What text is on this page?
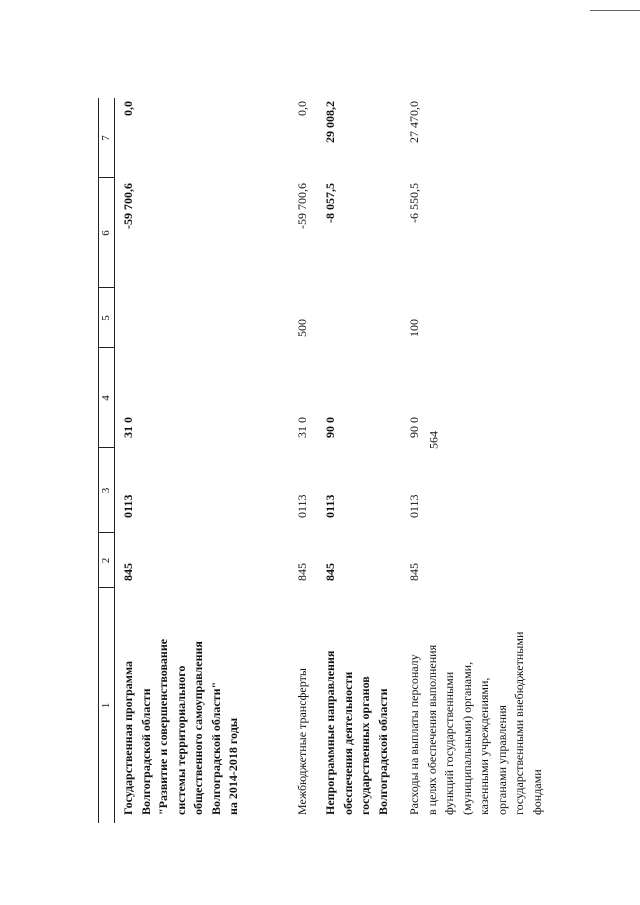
564
1
2
3
4
5
6
7
Государственная программа Волгоградской области "Развитие и совершенствование системы территориального общественного самоуправления Волгоградской области" на 2014-2018 годы
845
0113
31 0
-59 700,6
0,0
Межбюджетные трансферты
845
0113
31 0
500
-59 700,6
0,0
Непрограммные направления обеспечения деятельности государственных органов Волгоградской области
845
0113
90 0
-8 057,5
29 008,2
Расходы на выплаты персоналу в целях обеспечения выполнения функций государственными (муниципальными) органами, казенными учреждениями, органами управления государственными внебюджетными фондами
845
0113
90 0
100
-6 550,5
27 470,0
